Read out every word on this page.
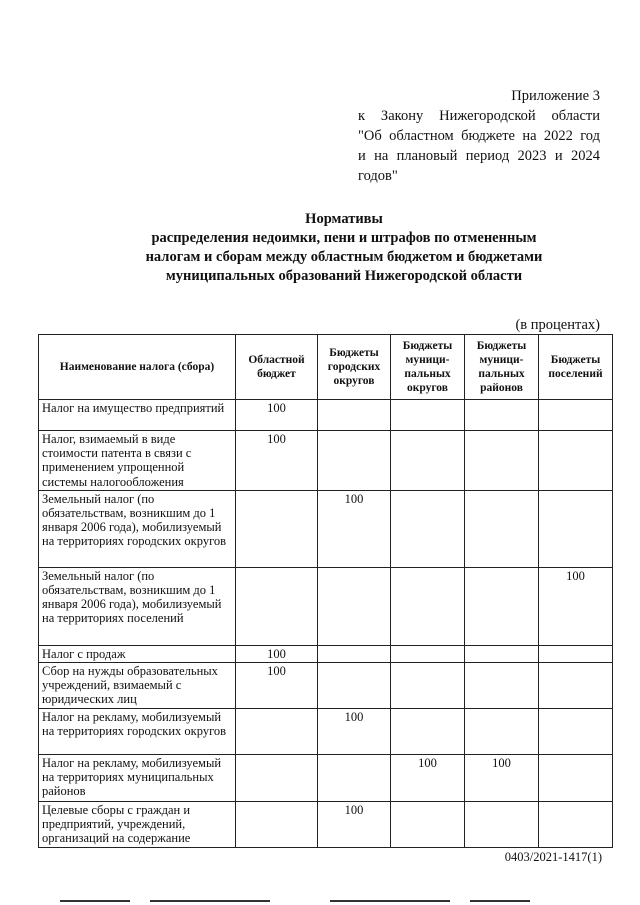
Приложение 3
к Закону Нижегородской области
"Об областном бюджете на 2022 год
и на плановый период 2023 и 2024
годов"
Нормативы
распределения недоимки, пени и штрафов по отмененным
налогам и сборам между областным бюджетом и бюджетами
муниципальных образований Нижегородской области
(в процентах)
Наименование налога (сбора)	Областной бюджет	Бюджеты городских округов	Бюджеты муници-пальных округов	Бюджеты муници-пальных районов	Бюджеты поселений
Налог на имущество предприятий	100				
Налог, взимаемый в виде стоимости патента в связи с применением упрощенной системы налогообложения	100				
Земельный налог (по обязательствам, возникшим до 1 января 2006 года), мобилизуемый на территориях городских округов		100			
Земельный налог (по обязательствам, возникшим до 1 января 2006 года), мобилизуемый на территориях поселений					100
Налог с продаж	100				
Сбор на нужды образовательных учреждений, взимаемый с юридических лиц	100				
Налог на рекламу, мобилизуемый на территориях городских округов		100			
Налог на рекламу, мобилизуемый на территориях муниципальных районов			100	100	
Целевые сборы с граждан и предприятий, учреждений, организаций на содержание		100			
0403/2021-1417(1)
